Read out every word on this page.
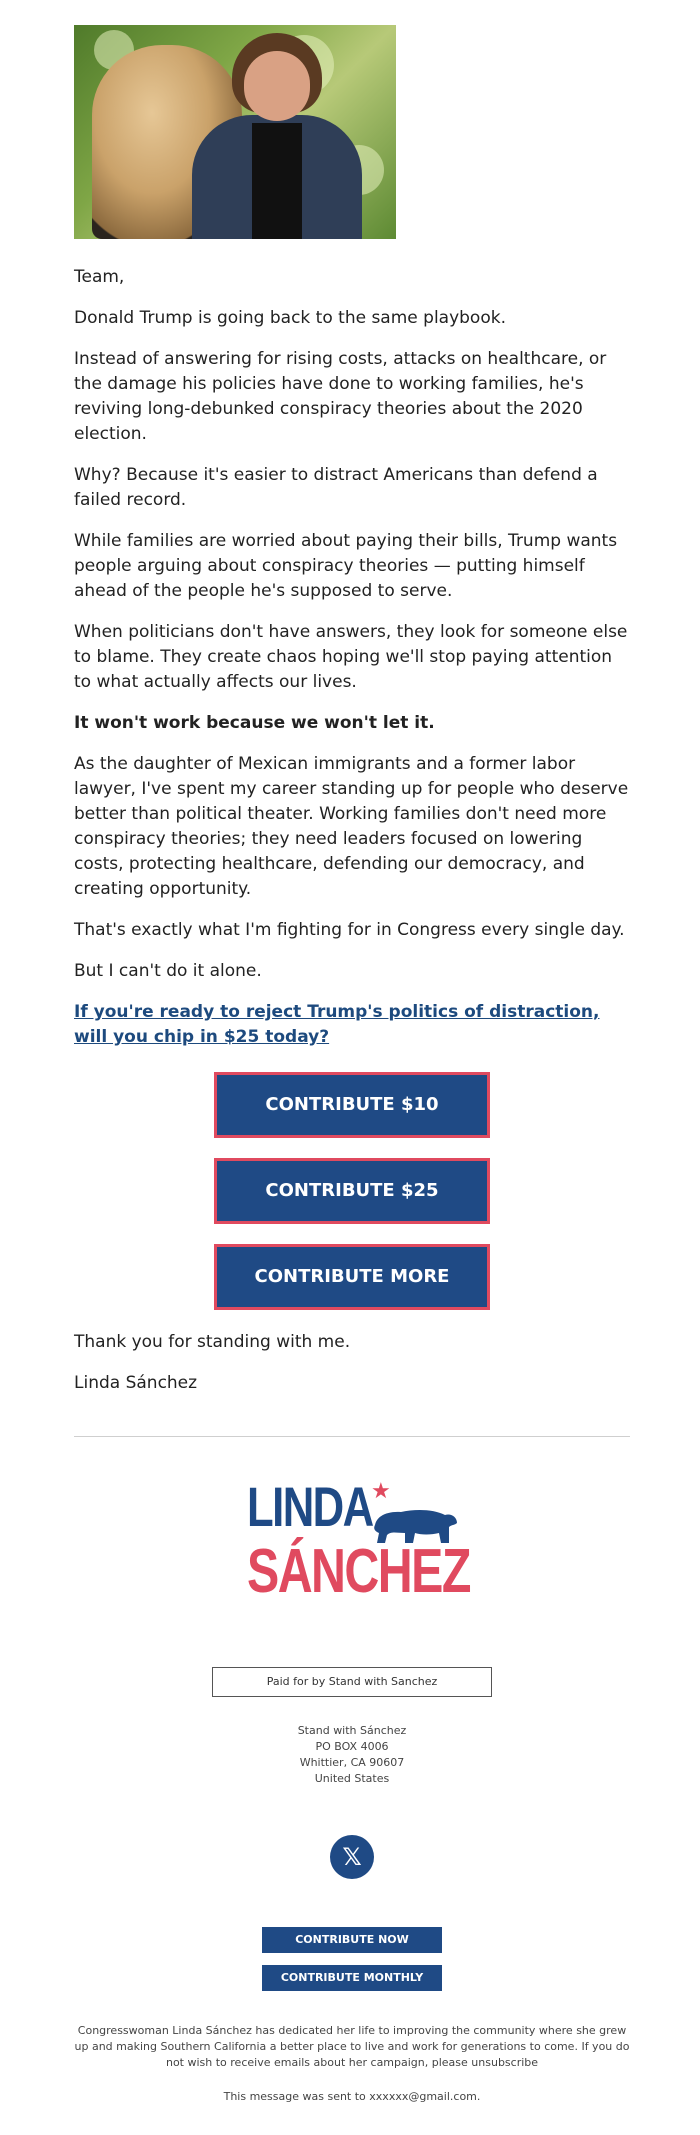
Team,

Donald Trump is going back to the same playbook.

Instead of answering for rising costs, attacks on healthcare, or the damage his policies have done to working families, he's reviving long-debunked conspiracy theories about the 2020 election.

Why? Because it's easier to distract Americans than defend a failed record.

While families are worried about paying their bills, Trump wants people arguing about conspiracy theories — putting himself ahead of the people he's supposed to serve.

When politicians don't have answers, they look for someone else to blame. They create chaos hoping we'll stop paying attention to what actually affects our lives.

It won't work because we won't let it.

As the daughter of Mexican immigrants and a former labor lawyer, I've spent my career standing up for people who deserve better than political theater. Working families don't need more conspiracy theories; they need leaders focused on lowering costs, protecting healthcare, defending our democracy, and creating opportunity.

That's exactly what I'm fighting for in Congress every single day.

But I can't do it alone.

If you're ready to reject Trump's politics of distraction, will you chip in $25 today?

CONTRIBUTE $10
CONTRIBUTE $25
CONTRIBUTE MORE

Thank you for standing with me.

Linda Sánchez

LINDA
★
SÁNCHEZ
Paid for by Stand with Sanchez
Stand with Sánchez
PO BOX 4006
Whittier, CA 90607
United States
𝕏
CONTRIBUTE NOW
CONTRIBUTE MONTHLY
Congresswoman Linda Sánchez has dedicated her life to improving the community where she grew up and making Southern California a better place to live and work for generations to come. If you do not wish to receive emails about her campaign, please unsubscribe
This message was sent to xxxxxx@gmail.com.
